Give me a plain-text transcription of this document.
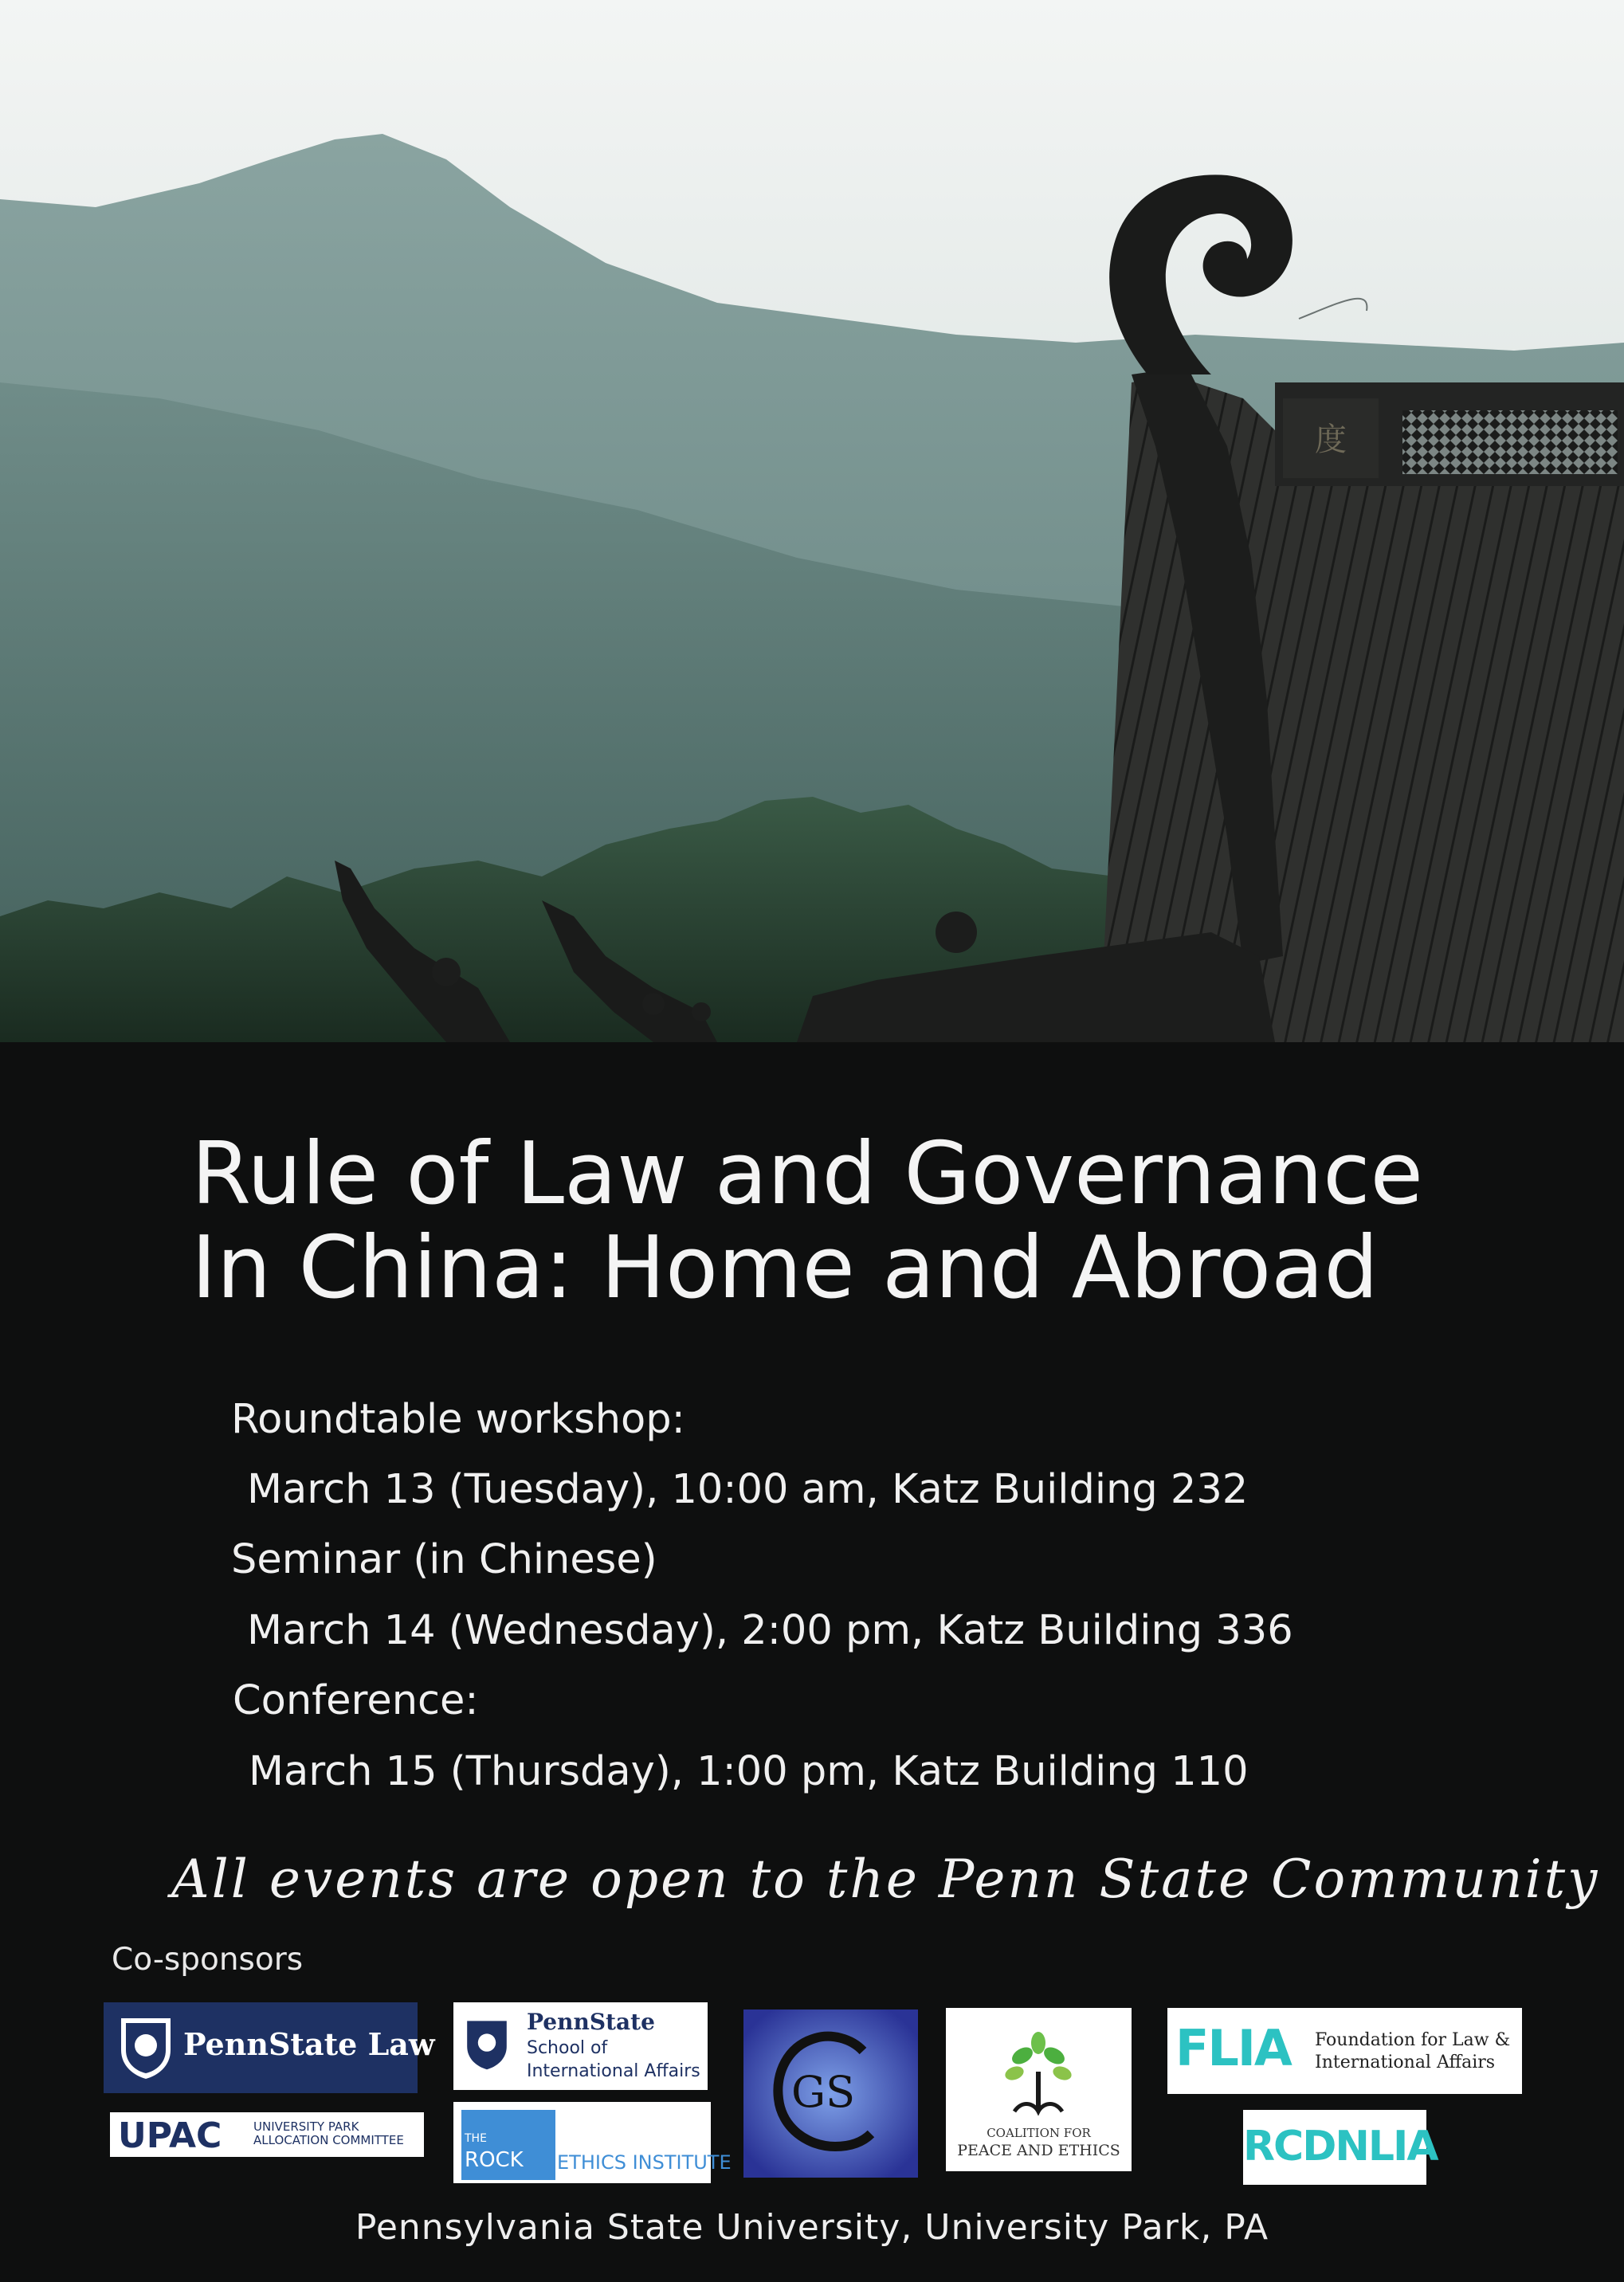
度
Rule of Law and Governance
In China: Home and Abroad

Roundtable workshop:

March 13 (Tuesday), 10:00 am, Katz Building 232

Seminar (in Chinese)

March 14 (Wednesday), 2:00 pm, Katz Building 336

Conference:

March 15 (Thursday), 1:00 pm, Katz Building 110

All events are open to the Penn State Community
Co-sponsors
PennState Law
UPAC	UNIVERSITY PARK
ALLOCATION COMMITTEE
PennState
School of
International Affairs
THE
ROCK ETHICS INSTITUTE
GS
COALITION FOR
PEACE AND ETHICS
FLIA Foundation for Law &
International Affairs
RCDNLIA
Pennsylvania State University, University Park, PA
